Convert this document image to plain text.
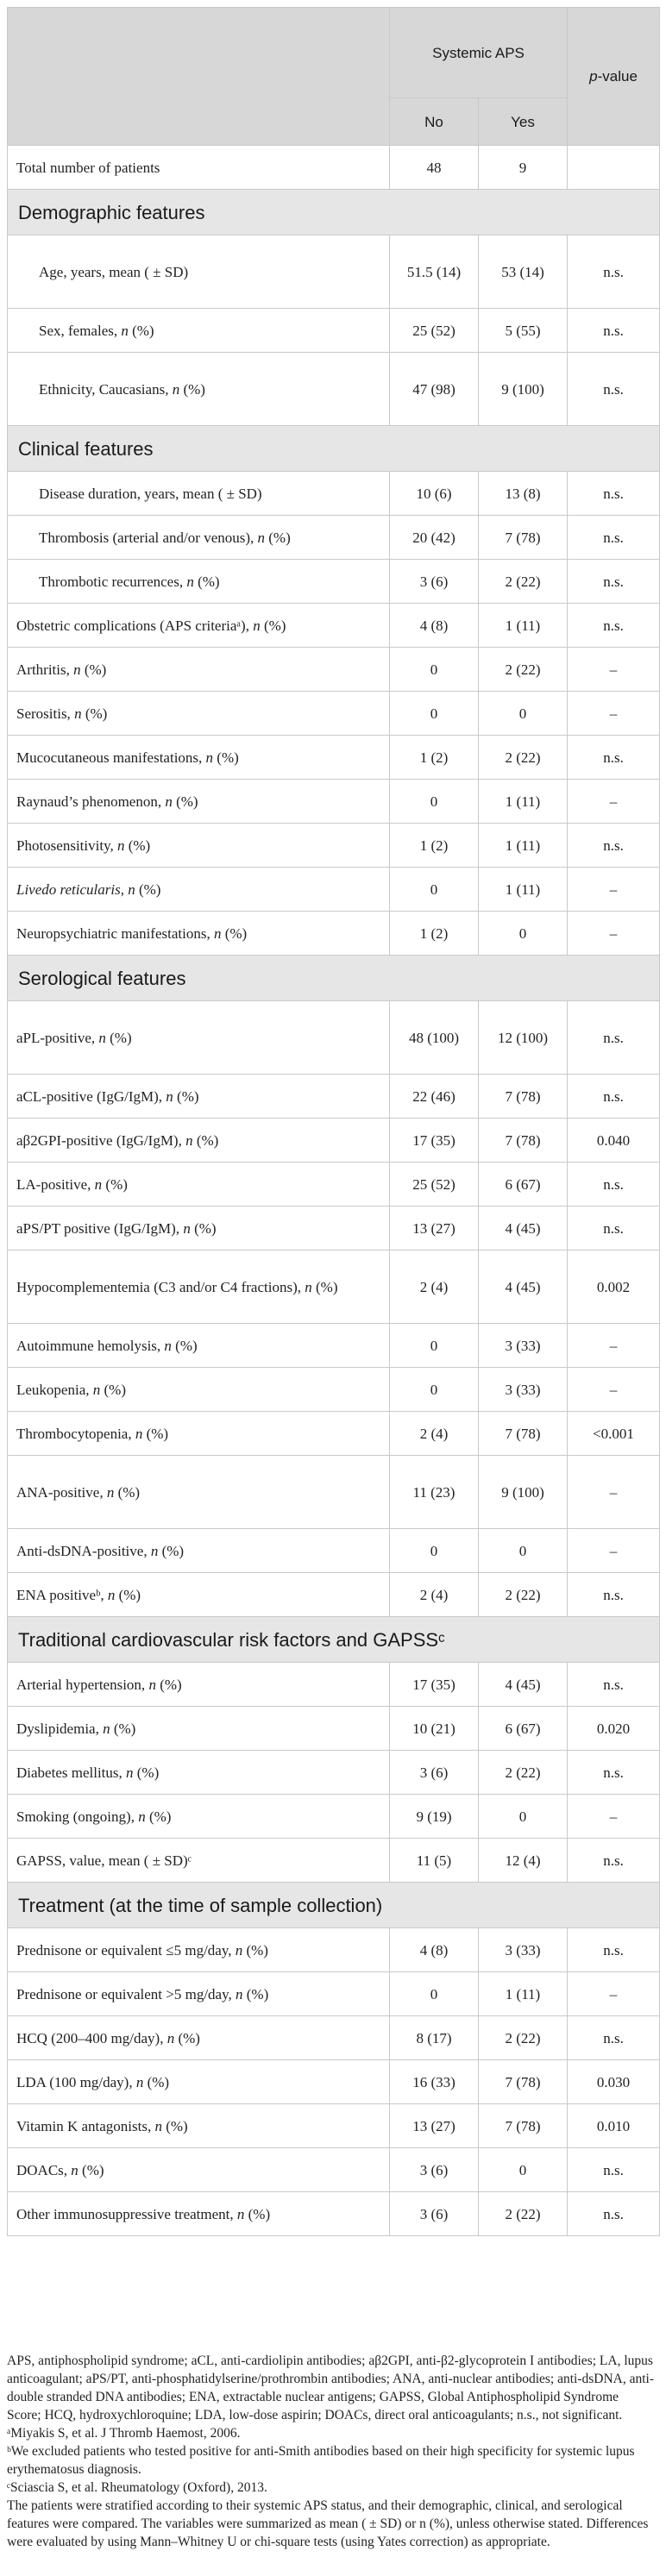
	Systemic APS		p-value
	No	Yes	
Total number of patients	48	9	
Demographic features			
Age, years, mean ( ± SD)	51.5 (14)	53 (14)	n.s.
Sex, females, n (%)	25 (52)	5 (55)	n.s.
Ethnicity, Caucasians, n (%)	47 (98)	9 (100)	n.s.
Clinical features			
Disease duration, years, mean ( ± SD)	10 (6)	13 (8)	n.s.
Thrombosis (arterial and/or venous), n (%)	20 (42)	7 (78)	n.s.
Thrombotic recurrences, n (%)	3 (6)	2 (22)	n.s.
Obstetric complications (APS criteriaᵃ), n (%)	4 (8)	1 (11)	n.s.
Arthritis, n (%)	0	2 (22)	–
Serositis, n (%)	0	0	–
Mucocutaneous manifestations, n (%)	1 (2)	2 (22)	n.s.
Raynaud’s phenomenon, n (%)	0	1 (11)	–
Photosensitivity, n (%)	1 (2)	1 (11)	n.s.
Livedo reticularis, n (%)	0	1 (11)	–
Neuropsychiatric manifestations, n (%)	1 (2)	0	–
Serological features			
aPL-positive, n (%)	48 (100)	12 (100)	n.s.
aCL-positive (IgG/IgM), n (%)	22 (46)	7 (78)	n.s.
aβ2GPI-positive (IgG/IgM), n (%)	17 (35)	7 (78)	0.040
LA-positive, n (%)	25 (52)	6 (67)	n.s.
aPS/PT positive (IgG/IgM), n (%)	13 (27)	4 (45)	n.s.
Hypocomplementemia (C3 and/or C4 fractions), n (%)	2 (4)	4 (45)	0.002
Autoimmune hemolysis, n (%)	0	3 (33)	–
Leukopenia, n (%)	0	3 (33)	–
Thrombocytopenia, n (%)	2 (4)	7 (78)	<0.001
ANA-positive, n (%)	11 (23)	9 (100)	–
Anti-dsDNA-positive, n (%)	0	0	–
ENA positiveᵇ, n (%)	2 (4)	2 (22)	n.s.
Traditional cardiovascular risk factors and GAPSSᶜ			
Arterial hypertension, n (%)	17 (35)	4 (45)	n.s.
Dyslipidemia, n (%)	10 (21)	6 (67)	0.020
Diabetes mellitus, n (%)	3 (6)	2 (22)	n.s.
Smoking (ongoing), n (%)	9 (19)	0	–
GAPSS, value, mean ( ± SD)ᶜ	11 (5)	12 (4)	n.s.
Treatment (at the time of sample collection)			
Prednisone or equivalent ≤5 mg/day, n (%)	4 (8)	3 (33)	n.s.
Prednisone or equivalent >5 mg/day, n (%)	0	1 (11)	–
HCQ (200–400 mg/day), n (%)	8 (17)	2 (22)	n.s.
LDA (100 mg/day), n (%)	16 (33)	7 (78)	0.030
Vitamin K antagonists, n (%)	13 (27)	7 (78)	0.010
DOACs, n (%)	3 (6)	0	n.s.
Other immunosuppressive treatment, n (%)	3 (6)	2 (22)	n.s.

APS, antiphospholipid syndrome; aCL, anti-cardiolipin antibodies; aβ2GPI, anti-β2-glycoprotein I antibodies; LA, lupus anticoagulant; aPS/PT, anti-phosphatidylserine/prothrombin antibodies; ANA, anti-nuclear antibodies; anti-dsDNA, anti-double stranded DNA antibodies; ENA, extractable nuclear antigens; GAPSS, Global Antiphospholipid Syndrome Score; HCQ, hydroxychloroquine; LDA, low-dose aspirin; DOACs, direct oral anticoagulants; n.s., not significant.

ᵃMiyakis S, et al. J Thromb Haemost, 2006.

ᵇWe excluded patients who tested positive for anti-Smith antibodies based on their high specificity for systemic lupus erythematosus diagnosis.

ᶜSciascia S, et al. Rheumatology (Oxford), 2013.

The patients were stratified according to their systemic APS status, and their demographic, clinical, and serological features were compared. The variables were summarized as mean ( ± SD) or n (%), unless otherwise stated. Differences were evaluated by using Mann–Whitney U or chi-square tests (using Yates correction) as appropriate.
